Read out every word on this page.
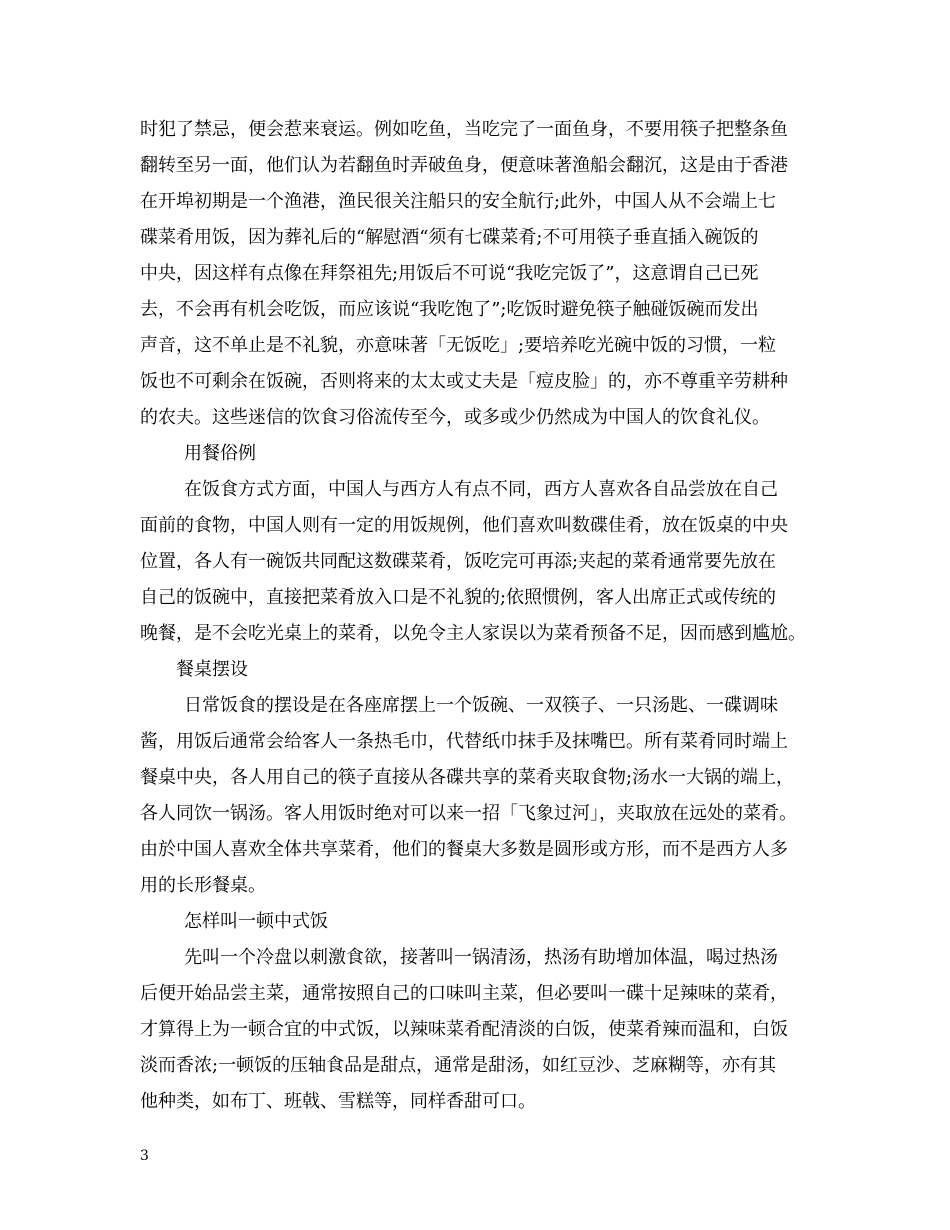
时犯了禁忌，便会惹来衰运。例如吃鱼，当吃完了一面鱼身，不要用筷子把整条鱼
翻转至另一面，他们认为若翻鱼时弄破鱼身，便意味著渔船会翻沉，这是由于香港
在开埠初期是一个渔港，渔民很关注船只的安全航行;此外，中国人从不会端上七
碟菜肴用饭，因为葬礼后的“解慰酒“须有七碟菜肴;不可用筷子垂直插入碗饭的
中央，因这样有点像在拜祭祖先;用饭后不可说“我吃完饭了”，这意谓自己已死
去，不会再有机会吃饭，而应该说“我吃饱了”;吃饭时避免筷子触碰饭碗而发出
声音，这不单止是不礼貌，亦意味著「无饭吃」;要培养吃光碗中饭的习惯，一粒
饭也不可剩余在饭碗，否则将来的太太或丈夫是「痘皮脸」的，亦不尊重辛劳耕种
的农夫。这些迷信的饮食习俗流传至今，或多或少仍然成为中国人的饮食礼仪。
用餐俗例
在饭食方式方面，中国人与西方人有点不同，西方人喜欢各自品尝放在自己
面前的食物，中国人则有一定的用饭规例，他们喜欢叫数碟佳肴，放在饭桌的中央
位置，各人有一碗饭共同配这数碟菜肴，饭吃完可再添;夹起的菜肴通常要先放在
自己的饭碗中，直接把菜肴放入口是不礼貌的;依照惯例，客人出席正式或传统的
晚餐，是不会吃光桌上的菜肴，以免令主人家误以为菜肴预备不足，因而感到尴尬。
餐桌摆设
日常饭食的摆设是在各座席摆上一个饭碗、一双筷子、一只汤匙、一碟调味
酱，用饭后通常会给客人一条热毛巾，代替纸巾抹手及抹嘴巴。所有菜肴同时端上
餐桌中央，各人用自己的筷子直接从各碟共享的菜肴夹取食物;汤水一大锅的端上，
各人同饮一锅汤。客人用饭时绝对可以来一招「飞象过河」，夹取放在远处的菜肴。
由於中国人喜欢全体共享菜肴，他们的餐桌大多数是圆形或方形，而不是西方人多
用的长形餐桌。
怎样叫一顿中式饭
先叫一个冷盘以刺激食欲，接著叫一锅清汤，热汤有助增加体温，喝过热汤
后便开始品尝主菜，通常按照自己的口味叫主菜，但必要叫一碟十足辣味的菜肴，
才算得上为一顿合宜的中式饭，以辣味菜肴配清淡的白饭，使菜肴辣而温和，白饭
淡而香浓;一顿饭的压轴食品是甜点，通常是甜汤，如红豆沙、芝麻糊等，亦有其
他种类，如布丁、班戟、雪糕等，同样香甜可口。
3
